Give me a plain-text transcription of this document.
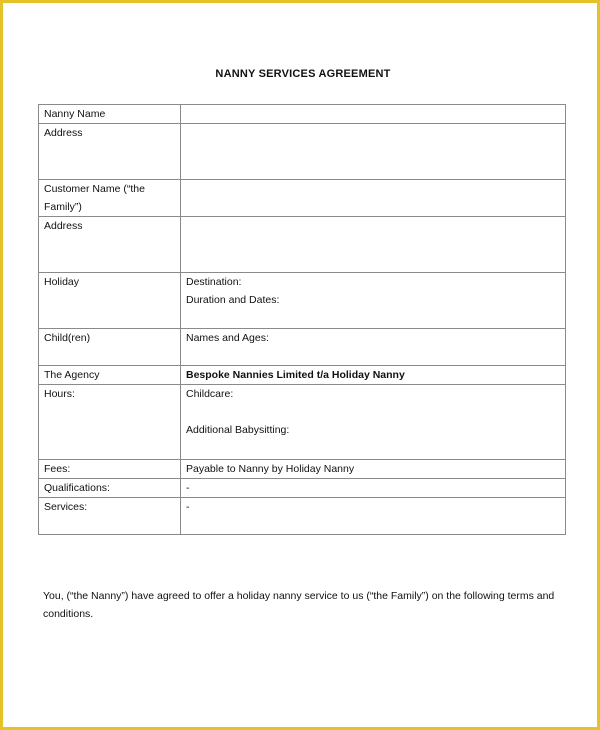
NANNY SERVICES AGREEMENT
Nanny Name	
Address	
Customer Name (“the Family”)	
Address	
Holiday	Destination:

Duration and Dates:

Child(ren)	Names and Ages:

The Agency	Bespoke Nannies Limited t/a Holiday Nanny
Hours:	Childcare:

Additional Babysitting:

Fees:	Payable to Nanny by Holiday Nanny
Qualifications:	-
Services:	-

You, (“the Nanny”) have agreed to offer a holiday nanny service to us (“the Family”) on the following terms and conditions.
